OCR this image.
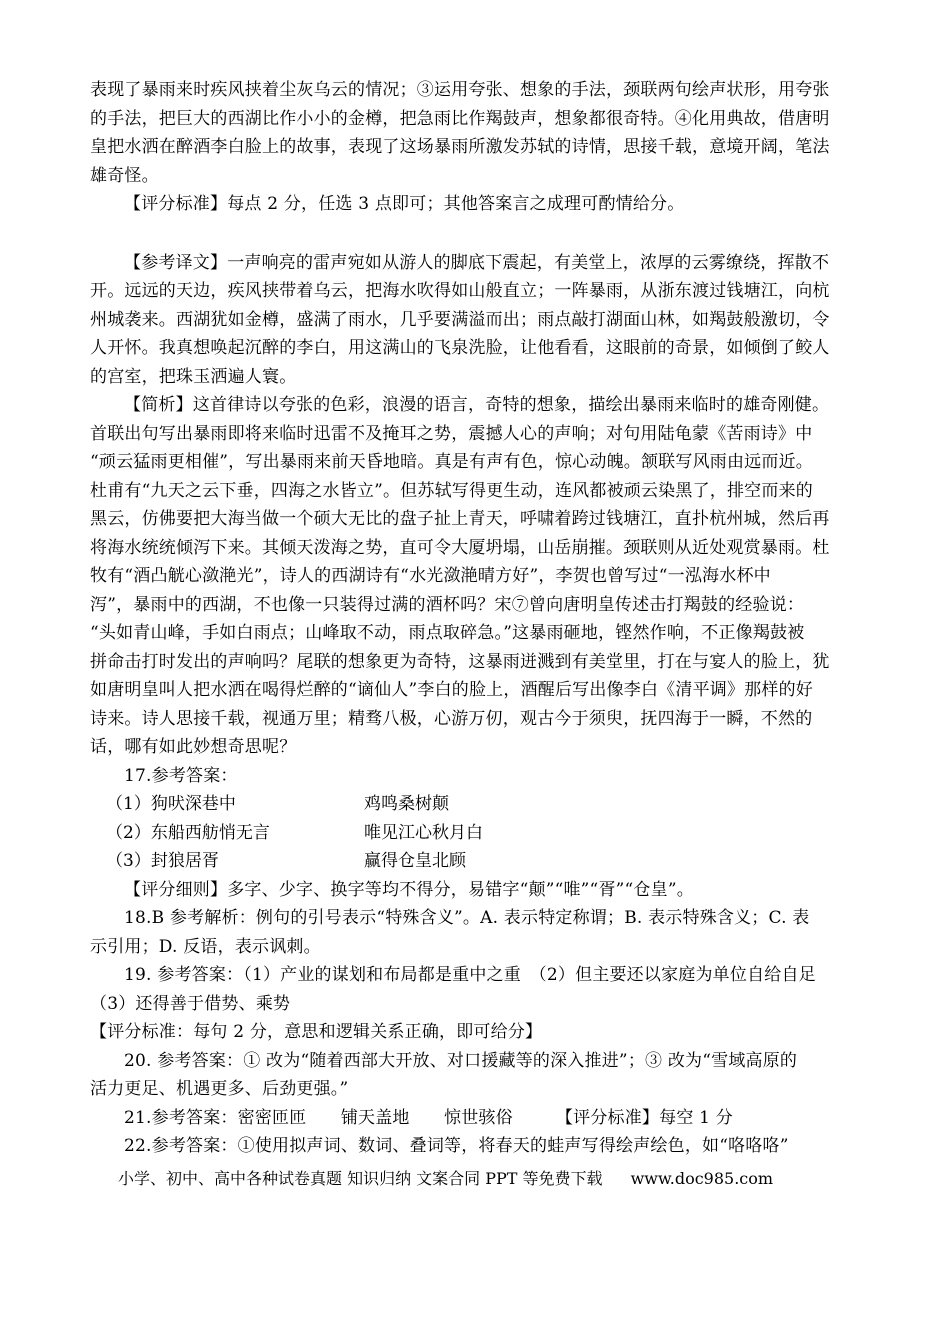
表现了暴雨来时疾风挟着尘灰乌云的情况；③运用夸张、想象的手法，颈联两句绘声状形，用夸张
的手法，把巨大的西湖比作小小的金樽，把急雨比作羯鼓声，想象都很奇特。④化用典故，借唐明
皇把水洒在醉酒李白脸上的故事，表现了这场暴雨所激发苏轼的诗情，思接千载，意境开阔，笔法
雄奇怪。
【评分标准】每点 2 分，任选 3 点即可；其他答案言之成理可酌情给分。
【参考译文】一声响亮的雷声宛如从游人的脚底下震起，有美堂上，浓厚的云雾缭绕，挥散不
开。远远的天边，疾风挟带着乌云，把海水吹得如山般直立；一阵暴雨，从浙东渡过钱塘江，向杭
州城袭来。西湖犹如金樽，盛满了雨水，几乎要满溢而出；雨点敲打湖面山林，如羯鼓般激切，令
人开怀。我真想唤起沉醉的李白，用这满山的飞泉洗脸，让他看看，这眼前的奇景，如倾倒了鲛人
的宫室，把珠玉洒遍人寰。
【简析】这首律诗以夸张的色彩，浪漫的语言，奇特的想象，描绘出暴雨来临时的雄奇刚健。
首联出句写出暴雨即将来临时迅雷不及掩耳之势，震撼人心的声响；对句用陆龟蒙《苦雨诗》中
“顽云猛雨更相催”，写出暴雨来前天昏地暗。真是有声有色，惊心动魄。颔联写风雨由远而近。
杜甫有“九天之云下垂，四海之水皆立”。但苏轼写得更生动，连风都被顽云染黑了，排空而来的
黑云，仿佛要把大海当做一个硕大无比的盘子扯上青天，呼啸着跨过钱塘江，直扑杭州城，然后再
将海水统统倾泻下来。其倾天泼海之势，直可令大厦坍塌，山岳崩摧。颈联则从近处观赏暴雨。杜
牧有“酒凸觥心潋滟光”，诗人的西湖诗有“水光潋滟晴方好”，李贺也曾写过“一泓海水杯中
泻”，暴雨中的西湖，不也像一只装得过满的酒杯吗？宋⑦曾向唐明皇传述击打羯鼓的经验说：
“头如青山峰，手如白雨点；山峰取不动，雨点取碎急。”这暴雨砸地，铿然作响，不正像羯鼓被
拼命击打时发出的声响吗？尾联的想象更为奇特，这暴雨迸溅到有美堂里，打在与宴人的脸上，犹
如唐明皇叫人把水洒在喝得烂醉的“谪仙人”李白的脸上，酒醒后写出像李白《清平调》那样的好
诗来。诗人思接千载，视通万里；精骛八极，心游万仞，观古今于须臾，抚四海于一瞬，不然的
话，哪有如此妙想奇思呢？
17.参考答案：
（1）狗吠深巷中	鸡鸣桑树颠
（2）东船西舫悄无言	唯见江心秋月白
（3）封狼居胥	赢得仓皇北顾
【评分细则】多字、少字、换字等均不得分，易错字“颠”“唯”“胥”“仓皇”。
18.B 参考解析：例句的引号表示“特殊含义”。A. 表示特定称谓；B. 表示特殊含义；C. 表
示引用；D. 反语，表示讽刺。
19. 参考答案：（1）产业的谋划和布局都是重中之重　（2）但主要还以家庭为单位自给自足
（3）还得善于借势、乘势
【评分标准：每句 2 分，意思和逻辑关系正确，即可给分】
20. 参考答案：① 改为“随着西部大开放、对口援藏等的深入推进”；③ 改为“雪域高原的
活力更足、机遇更多、后劲更强。”
21.参考答案：密密匝匝　　铺天盖地　　惊世骇俗　　　【评分标准】每空 1 分
22.参考答案：①使用拟声词、数词、叠词等，将春天的蛙声写得绘声绘色，如“咯咯咯”
小学、初中、高中各种试卷真题 知识归纳 文案合同 PPT 等免费下载 www.doc985.com
